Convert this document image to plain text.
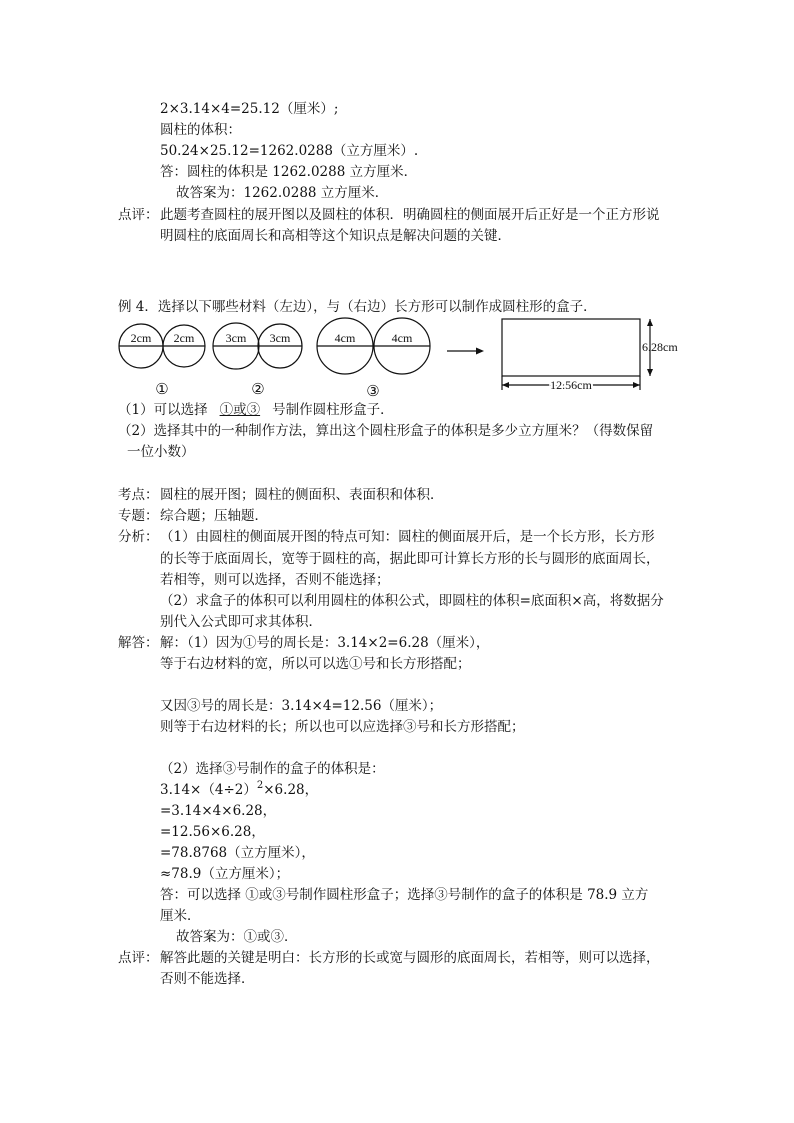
2×3.14×4=25.12（厘米）;
圆柱的体积：
50.24×25.12=1262.0288（立方厘米）.
答：圆柱的体积是 1262.0288 立方厘米．
故答案为：1262.0288 立方厘米．
点评： 此题考查圆柱的展开图以及圆柱的体积．明确圆柱的侧面展开后正好是一个正方形说
明圆柱的底面周长和高相等这个知识点是解决问题的关键．
例 4．选择以下哪些材料（左边），与（右边）长方形可以制作成圆柱形的盒子．
2cm 2cm	3cm 3cm	4cm	4cm
6.28cm
12.56cm
①	②	③
（1）可以选择 ①或③ 号制作圆柱形盒子．
（2）选择其中的一种制作方法，算出这个圆柱形盒子的体积是多少立方厘米？（得数保留
一位小数）
考点： 圆柱的展开图；圆柱的侧面积、表面积和体积．
专题： 综合题；压轴题．
分析： （1）由圆柱的侧面展开图的特点可知：圆柱的侧面展开后，是一个长方形，长方形
的长等于底面周长，宽等于圆柱的高，据此即可计算长方形的长与圆形的底面周长，
若相等，则可以选择，否则不能选择；
（2）求盒子的体积可以利用圆柱的体积公式，即圆柱的体积=底面积×高，将数据分
别代入公式即可求其体积．
解答： 解：（1）因为①号的周长是：3.14×2=6.28（厘米），
等于右边材料的宽，所以可以选①号和长方形搭配；
又因③号的周长是：3.14×4=12.56（厘米）；
则等于右边材料的长；所以也可以应选择③号和长方形搭配；
（2）选择③号制作的盒子的体积是：
$3.14\times(4\div 2)^2\times 6.28$，
=3.14×4×6.28，
=12.56×6.28，
=78.8768（立方厘米），
≈78.9（立方厘米）；
答：可以选择 ①或③号制作圆柱形盒子；选择③号制作的盒子的体积是 78.9 立方
厘米．
故答案为：①或③．
点评： 解答此题的关键是明白：长方形的长或宽与圆形的底面周长，若相等，则可以选择，
否则不能选择．
